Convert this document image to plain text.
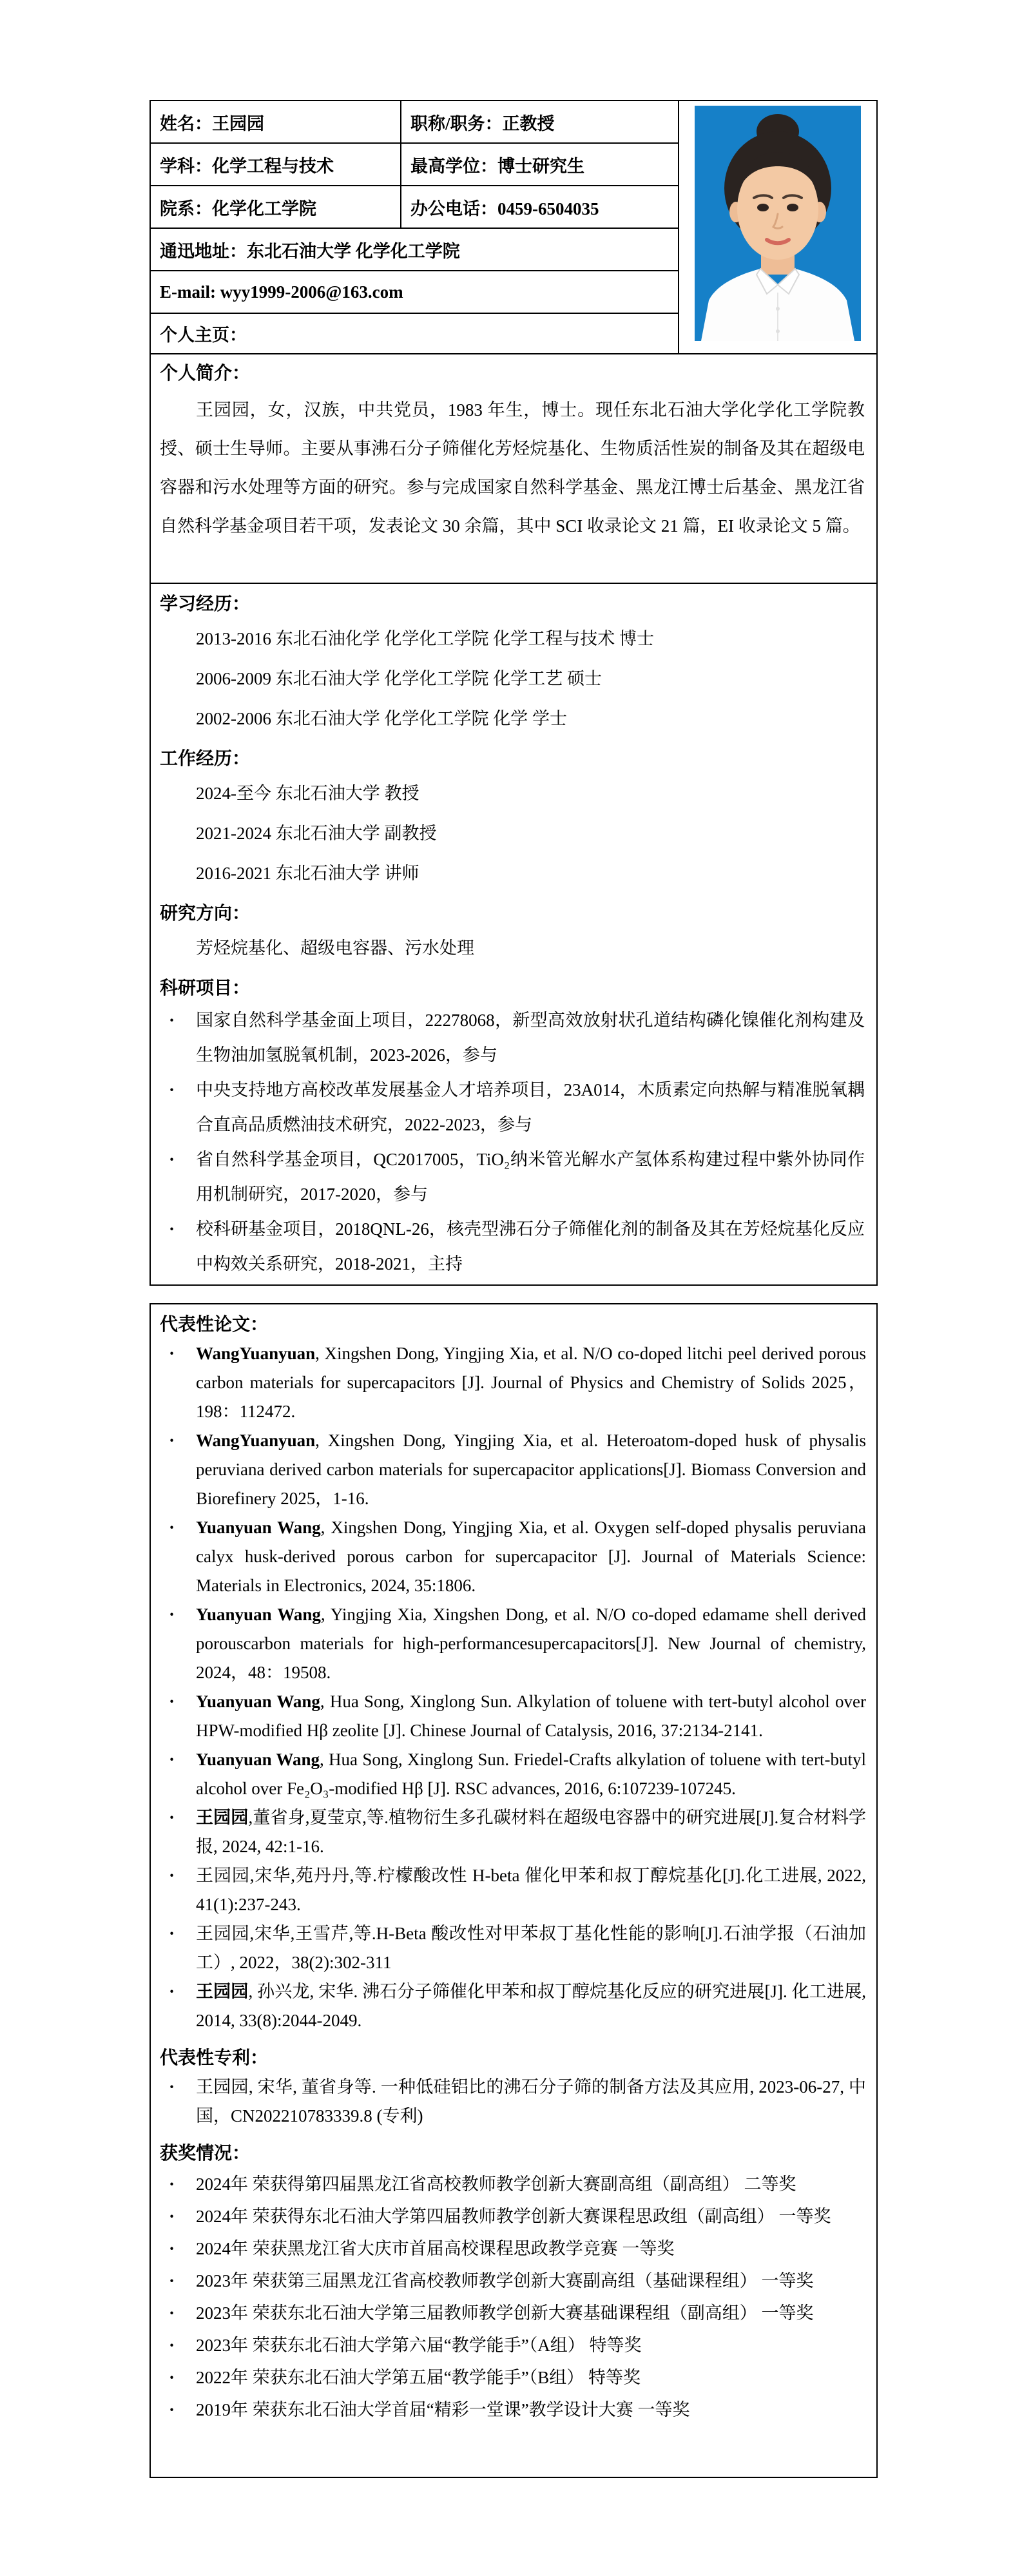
姓名：王园园	职称/职务：正教授
学科：化学工程与技术	最高学位：博士研究生
院系：化学化工学院	办公电话：0459-6504035
通迅地址：东北石油大学 化学化工学院
E-mail: wyy1999-2006@163.com
个人主页：
个人简介：

王园园，女，汉族，中共党员，1983 年生，博士。现任东北石油大学化学化工学院教授、硕士生导师。主要从事沸石分子筛催化芳烃烷基化、生物质活性炭的制备及其在超级电容器和污水处理等方面的研究。参与完成国家自然科学基金、黑龙江博士后基金、黑龙江省自然科学基金项目若干项，发表论文 30 余篇，其中 SCI 收录论文 21 篇，EI 收录论文 5 篇。

学习经历：
2013-2016 东北石油化学 化学化工学院 化学工程与技术 博士
2006-2009 东北石油大学 化学化工学院 化学工艺 硕士
2002-2006 东北石油大学 化学化工学院 化学 学士
工作经历：
2024-至今 东北石油大学 教授
2021-2024 东北石油大学 副教授
2016-2021 东北石油大学 讲师
研究方向：
芳烃烷基化、超级电容器、污水处理
科研项目：
· 国家自然科学基金面上项目，22278068，新型高效放射状孔道结构磷化镍催化剂构建及生物油加氢脱氧机制，2023-2026，参与
· 中央支持地方高校改革发展基金人才培养项目，23A014，木质素定向热解与精准脱氧耦合直高品质燃油技术研究，2022-2023，参与
· 省自然科学基金项目，QC2017005，TiO₂纳米管光解水产氢体系构建过程中紫外协同作用机制研究，2017-2020，参与
· 校科研基金项目，2018QNL-26，核壳型沸石分子筛催化剂的制备及其在芳烃烷基化反应中构效关系研究，2018-2021，主持
代表性论文：
· WangYuanyuan, Xingshen Dong, Yingjing Xia, et al. N/O co-doped litchi peel derived porous carbon materials for supercapacitors [J]. Journal of Physics and Chemistry of Solids 2025，198：112472.
· WangYuanyuan, Xingshen Dong, Yingjing Xia, et al. Heteroatom-doped husk of physalis peruviana derived carbon materials for supercapacitor applications[J]. Biomass Conversion and Biorefinery 2025，1-16.
· Yuanyuan Wang, Xingshen Dong, Yingjing Xia, et al. Oxygen self-doped physalis peruviana calyx husk-derived porous carbon for supercapacitor [J]. Journal of Materials Science: Materials in Electronics, 2024, 35:1806.
· Yuanyuan Wang, Yingjing Xia, Xingshen Dong, et al. N/O co-doped edamame shell derived porouscarbon materials for high-performancesupercapacitors[J]. New Journal of chemistry, 2024，48：19508.
· Yuanyuan Wang, Hua Song, Xinglong Sun. Alkylation of toluene with tert-butyl alcohol over HPW-modified Hβ zeolite [J]. Chinese Journal of Catalysis, 2016, 37:2134-2141.
· Yuanyuan Wang, Hua Song, Xinglong Sun. Friedel-Crafts alkylation of toluene with tert-butyl alcohol over Fe₂O₃-modified Hβ [J]. RSC advances, 2016, 6:107239-107245.
· 王园园,董省身,夏莹京,等.植物衍生多孔碳材料在超级电容器中的研究进展[J].复合材料学报, 2024, 42:1-16.
· 王园园,宋华,苑丹丹,等.柠檬酸改性 H-beta 催化甲苯和叔丁醇烷基化[J].化工进展, 2022, 41(1):237-243.
· 王园园,宋华,王雪芹,等.H-Beta 酸改性对甲苯叔丁基化性能的影响[J].石油学报（石油加工）, 2022，38(2):302-311
· 王园园, 孙兴龙, 宋华. 沸石分子筛催化甲苯和叔丁醇烷基化反应的研究进展[J]. 化工进展, 2014, 33(8):2044-2049.
代表性专利：
· 王园园, 宋华, 董省身等. 一种低硅铝比的沸石分子筛的制备方法及其应用, 2023-06-27, 中国，CN202210783339.8 (专利)
获奖情况：
· 2024年 荣获得第四届黑龙江省高校教师教学创新大赛副高组（副高组） 二等奖
· 2024年 荣获得东北石油大学第四届教师教学创新大赛课程思政组（副高组） 一等奖
· 2024年 荣获黑龙江省大庆市首届高校课程思政教学竞赛 一等奖
· 2023年 荣获第三届黑龙江省高校教师教学创新大赛副高组（基础课程组） 一等奖
· 2023年 荣获东北石油大学第三届教师教学创新大赛基础课程组（副高组） 一等奖
· 2023年 荣获东北石油大学第六届“教学能手”（A组） 特等奖
· 2022年 荣获东北石油大学第五届“教学能手”（B组） 特等奖
· 2019年 荣获东北石油大学首届“精彩一堂课”教学设计大赛 一等奖
